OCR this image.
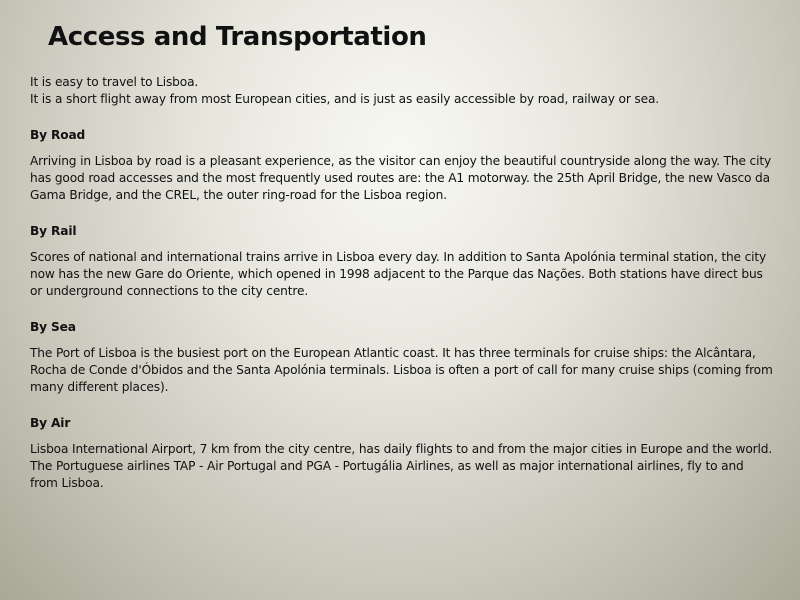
Access and Transportation

It is easy to travel to Lisboa.

It is a short flight away from most European cities, and is just as easily accessible by road, railway or sea.

By Road

Arriving in Lisboa by road is a pleasant experience, as the visitor can enjoy the beautiful countryside along the way. The city has good road accesses and the most frequently used routes are: the A1 motorway. the 25th April Bridge, the new Vasco da Gama Bridge, and the CREL, the outer ring-road for the Lisboa region.

By Rail

Scores of national and international trains arrive in Lisboa every day. In addition to Santa Apolónia terminal station, the city now has the new Gare do Oriente, which opened in 1998 adjacent to the Parque das Nações. Both stations have direct bus or underground connections to the city centre.

By Sea

The Port of Lisboa is the busiest port on the European Atlantic coast. It has three terminals for cruise ships: the Alcântara, Rocha de Conde d'Óbidos and the Santa Apolónia terminals. Lisboa is often a port of call for many cruise ships (coming from many different places).

By Air

Lisboa International Airport, 7 km from the city centre, has daily flights to and from the major cities in Europe and the world. The Portuguese airlines TAP - Air Portugal and PGA - Portugália Airlines, as well as major international airlines, fly to and from Lisboa.
